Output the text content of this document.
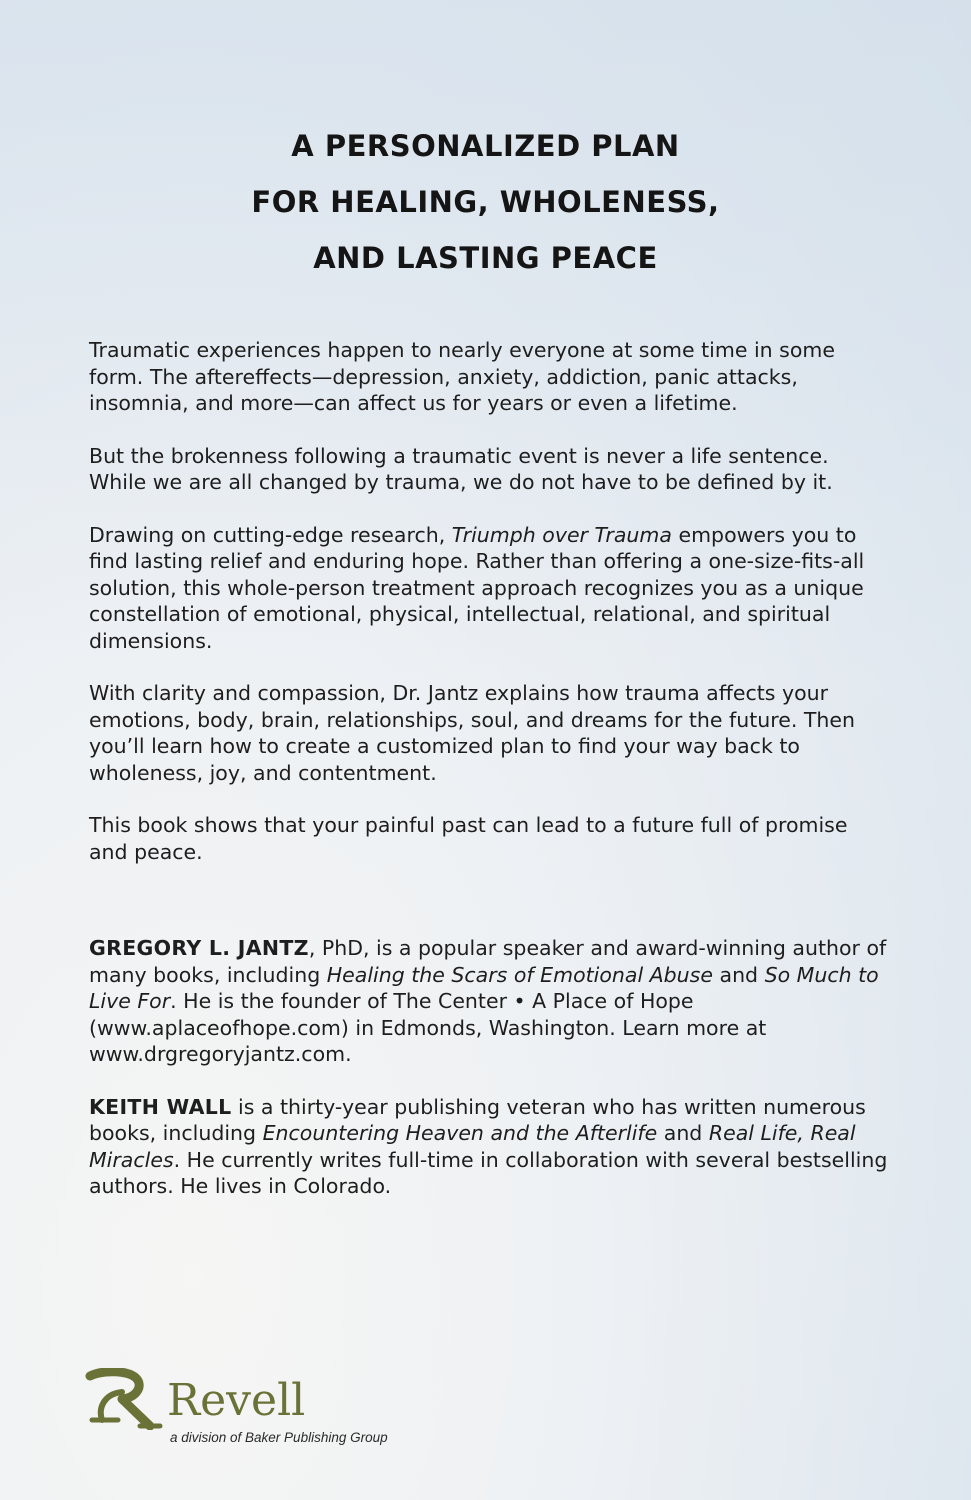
A PERSONALIZED PLAN
FOR HEALING, WHOLENESS,
AND LASTING PEACE

Traumatic experiences happen to nearly everyone at some time in some form. The aftereffects—depression, anxiety, addiction, panic attacks, insomnia, and more—can affect us for years or even a lifetime.

But the brokenness following a traumatic event is never a life sentence. While we are all changed by trauma, we do not have to be defined by it.

Drawing on cutting-edge research, Triumph over Trauma empowers you to find lasting relief and enduring hope. Rather than offering a one-size-fits-all solution, this whole-person treatment approach recognizes you as a unique constellation of emotional, physical, intellectual, relational, and spiritual dimensions.

With clarity and compassion, Dr. Jantz explains how trauma affects your emotions, body, brain, relationships, soul, and dreams for the future. Then you’ll learn how to create a customized plan to find your way back to wholeness, joy, and contentment.

This book shows that your painful past can lead to a future full of promise and peace.

GREGORY L. JANTZ, PhD, is a popular speaker and award-winning author of many books, including Healing the Scars of Emotional Abuse and So Much to Live For. He is the founder of The Center • A Place of Hope (www.aplaceofhope.com) in Edmonds, Washington. Learn more at www.drgregoryjantz.com.

KEITH WALL is a thirty-year publishing veteran who has written numerous books, including Encountering Heaven and the Afterlife and Real Life, Real Miracles. He currently writes full-time in collaboration with several bestselling authors. He lives in Colorado.

Revell
a division of Baker Publishing Group
